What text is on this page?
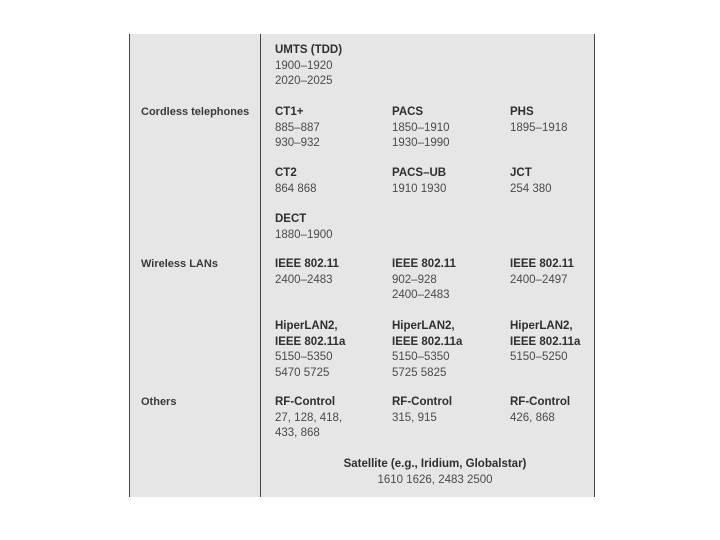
Cordless telephones
Wireless LANs
Others
UMTS (TDD)
1900–1920
2020–2025
CT1+
885–887
930–932
PACS
1850–1910
1930–1990
PHS
1895–1918
CT2
864 868
PACS–UB
1910 1930
JCT
254 380
DECT
1880–1900
IEEE 802.11
2400–2483
IEEE 802.11
902–928
2400–2483
IEEE 802.11
2400–2497
HiperLAN2,
IEEE 802.11a
5150–5350
5470 5725
HiperLAN2,
IEEE 802.11a
5150–5350
5725 5825
HiperLAN2,
IEEE 802.11a
5150–5250
RF-Control
27, 128, 418,
433, 868
RF-Control
315, 915
RF-Control
426, 868
Satellite (e.g., Iridium, Globalstar)
1610 1626, 2483 2500
